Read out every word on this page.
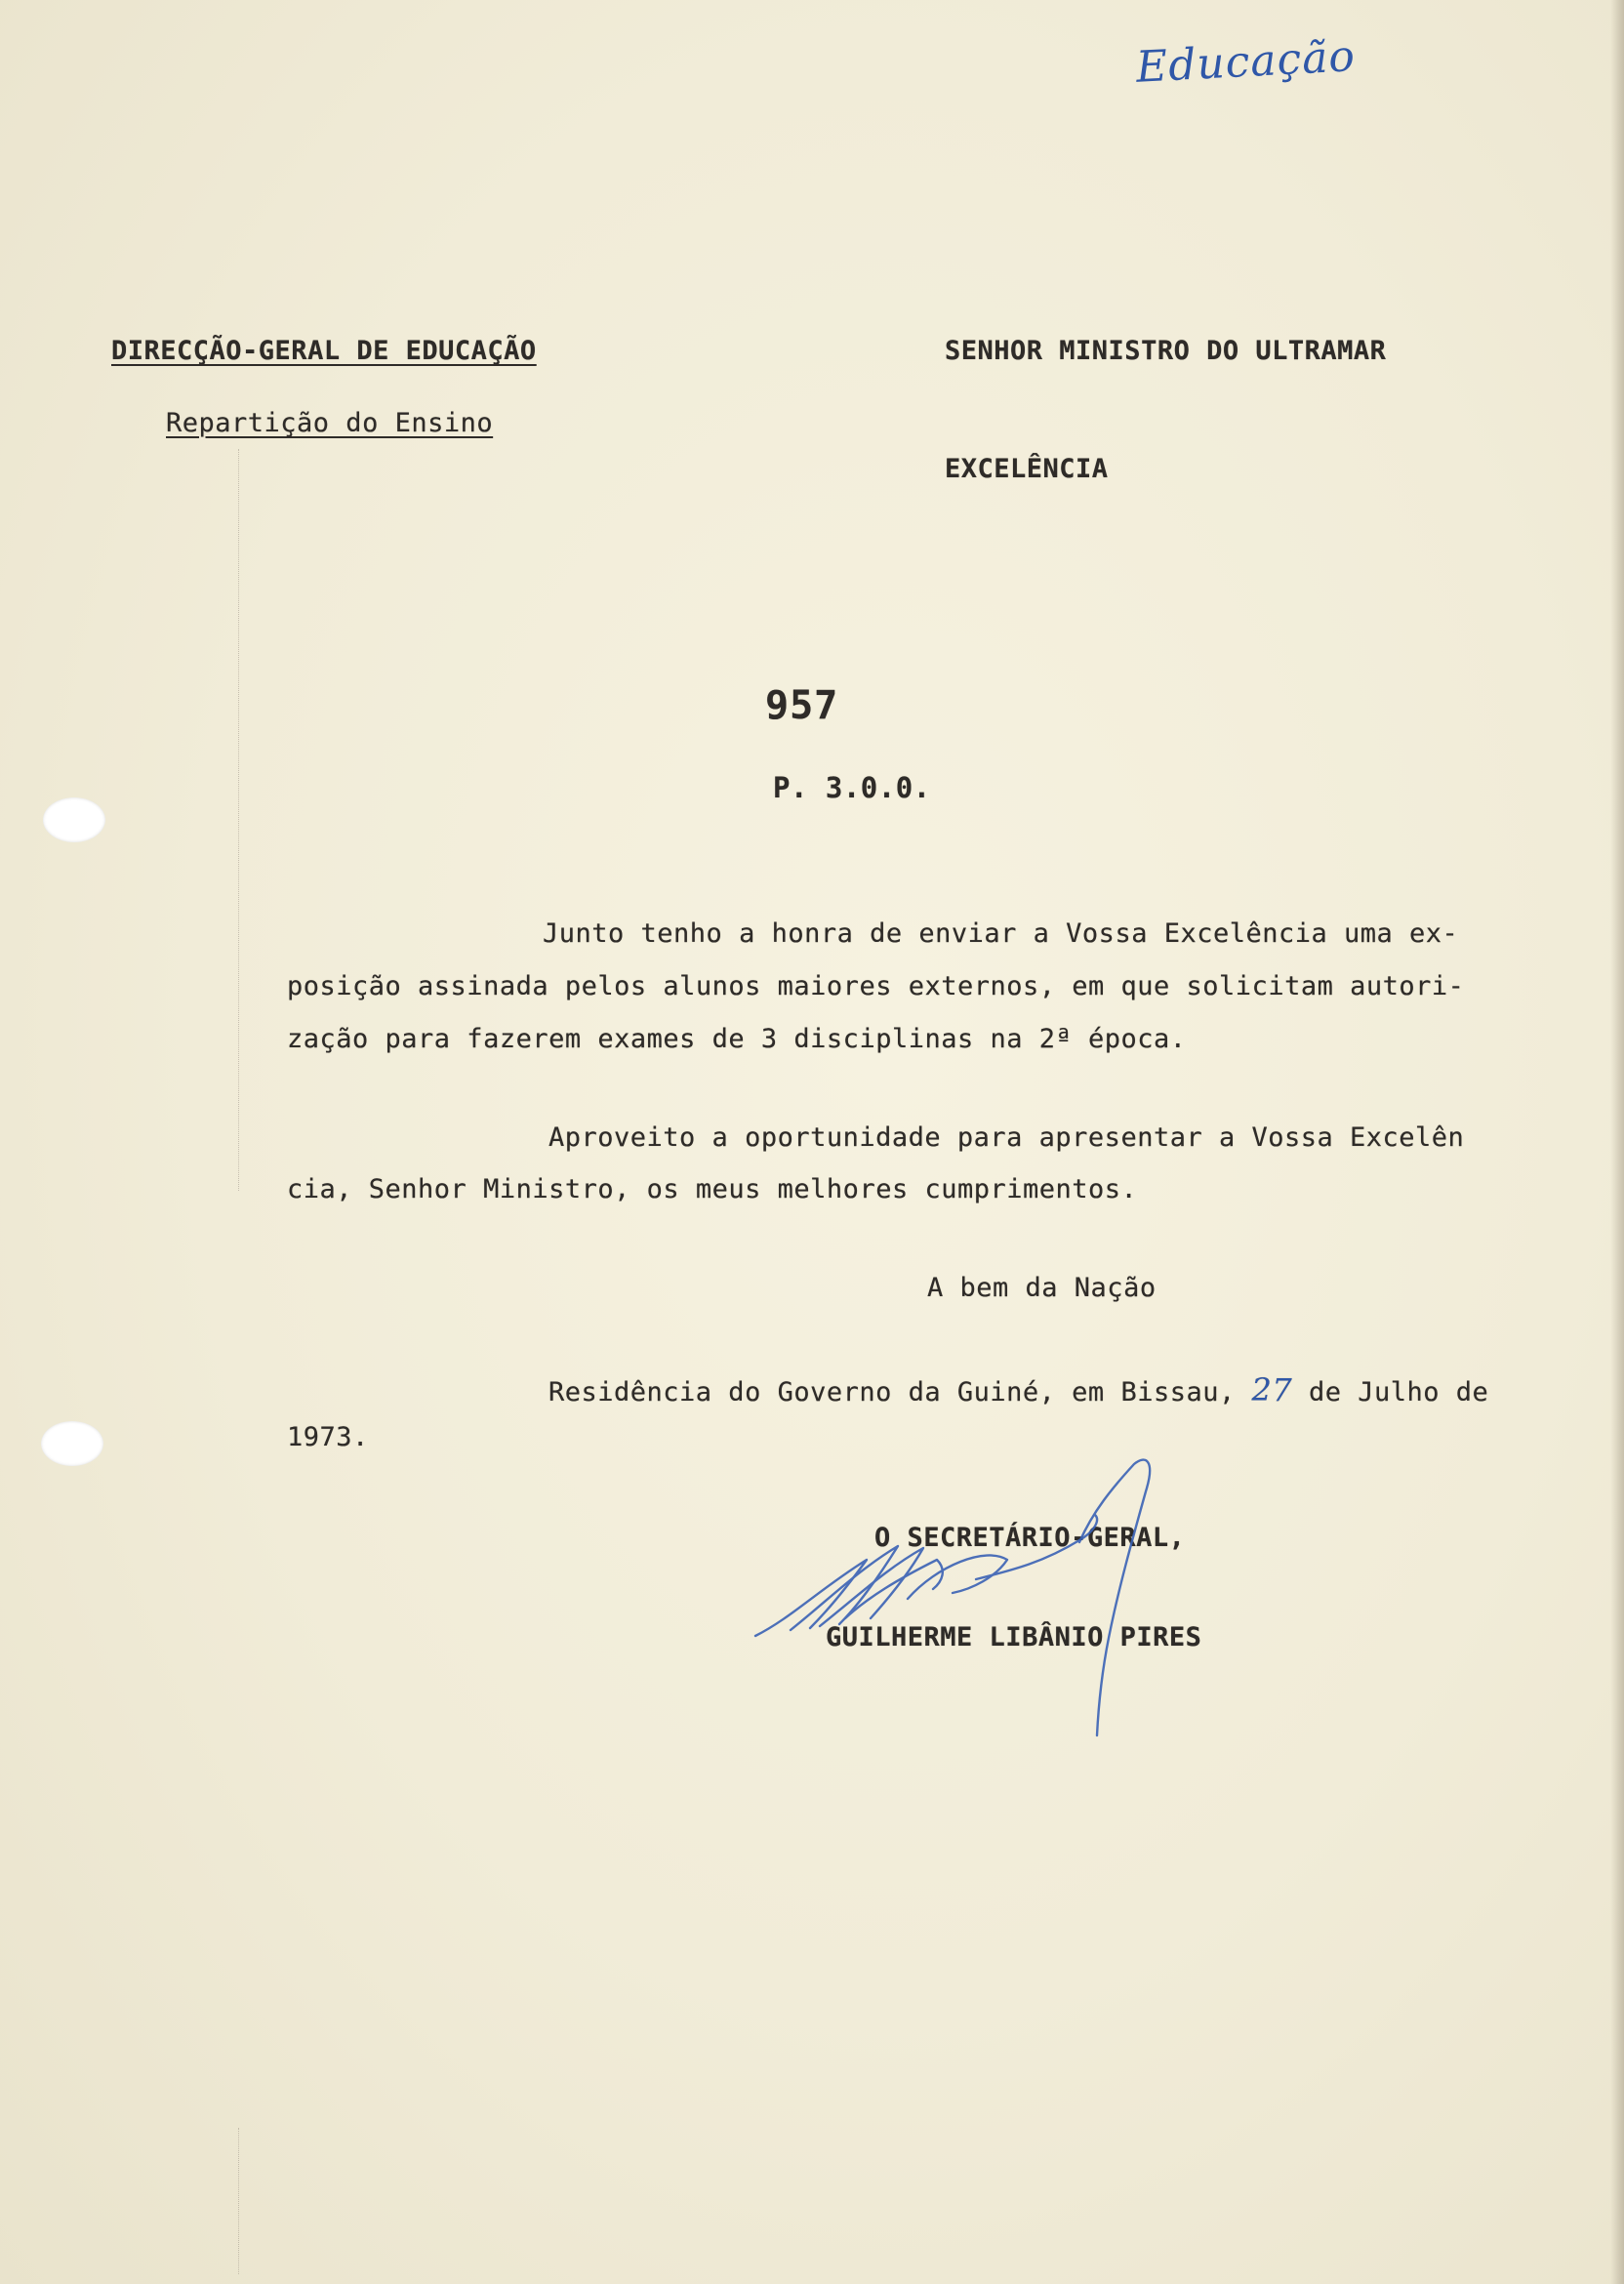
Educação
DIRECÇÃO-GERAL DE EDUCAÇÃO
Repartição do Ensino
SENHOR MINISTRO DO ULTRAMAR
EXCELÊNCIA
957
P. 3.0.0.
Junto tenho a honra de enviar a Vossa Excelência uma ex-
posição assinada pelos alunos maiores externos, em que solicitam autori-
zação para fazerem exames de 3 disciplinas na 2ª época.
Aproveito a oportunidade para apresentar a Vossa Excelên
cia, Senhor Ministro, os meus melhores cumprimentos.
A bem da Nação
Residência do Governo da Guiné, em Bissau, 27 de Julho de
1973.
O SECRETÁRIO-GERAL,
GUILHERME LIBÂNIO PIRES
